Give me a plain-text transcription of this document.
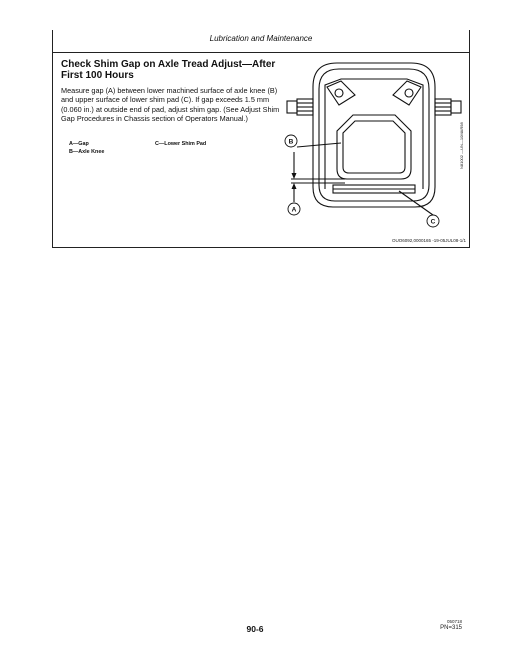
Lubrication and Maintenance
Check Shim Gap on Axle Tread Adjust—After First 100 Hours
Measure gap (A) between lower machined surface of axle knee (B) and upper surface of lower shim pad (C). If gap exceeds 1.5 mm (0.060 in.) at outside end of pad, adjust shim gap. (See Adjust Shim Gap Procedures in Chassis section of Operators Manual.)
A—Gap
B—Axle Knee
C—Lower Shim Pad	B
A
C
N81002 —UN—10MAR98
OUO6092,0000165 -19-05JUL08-1/1
90-6
050718
PN=315
